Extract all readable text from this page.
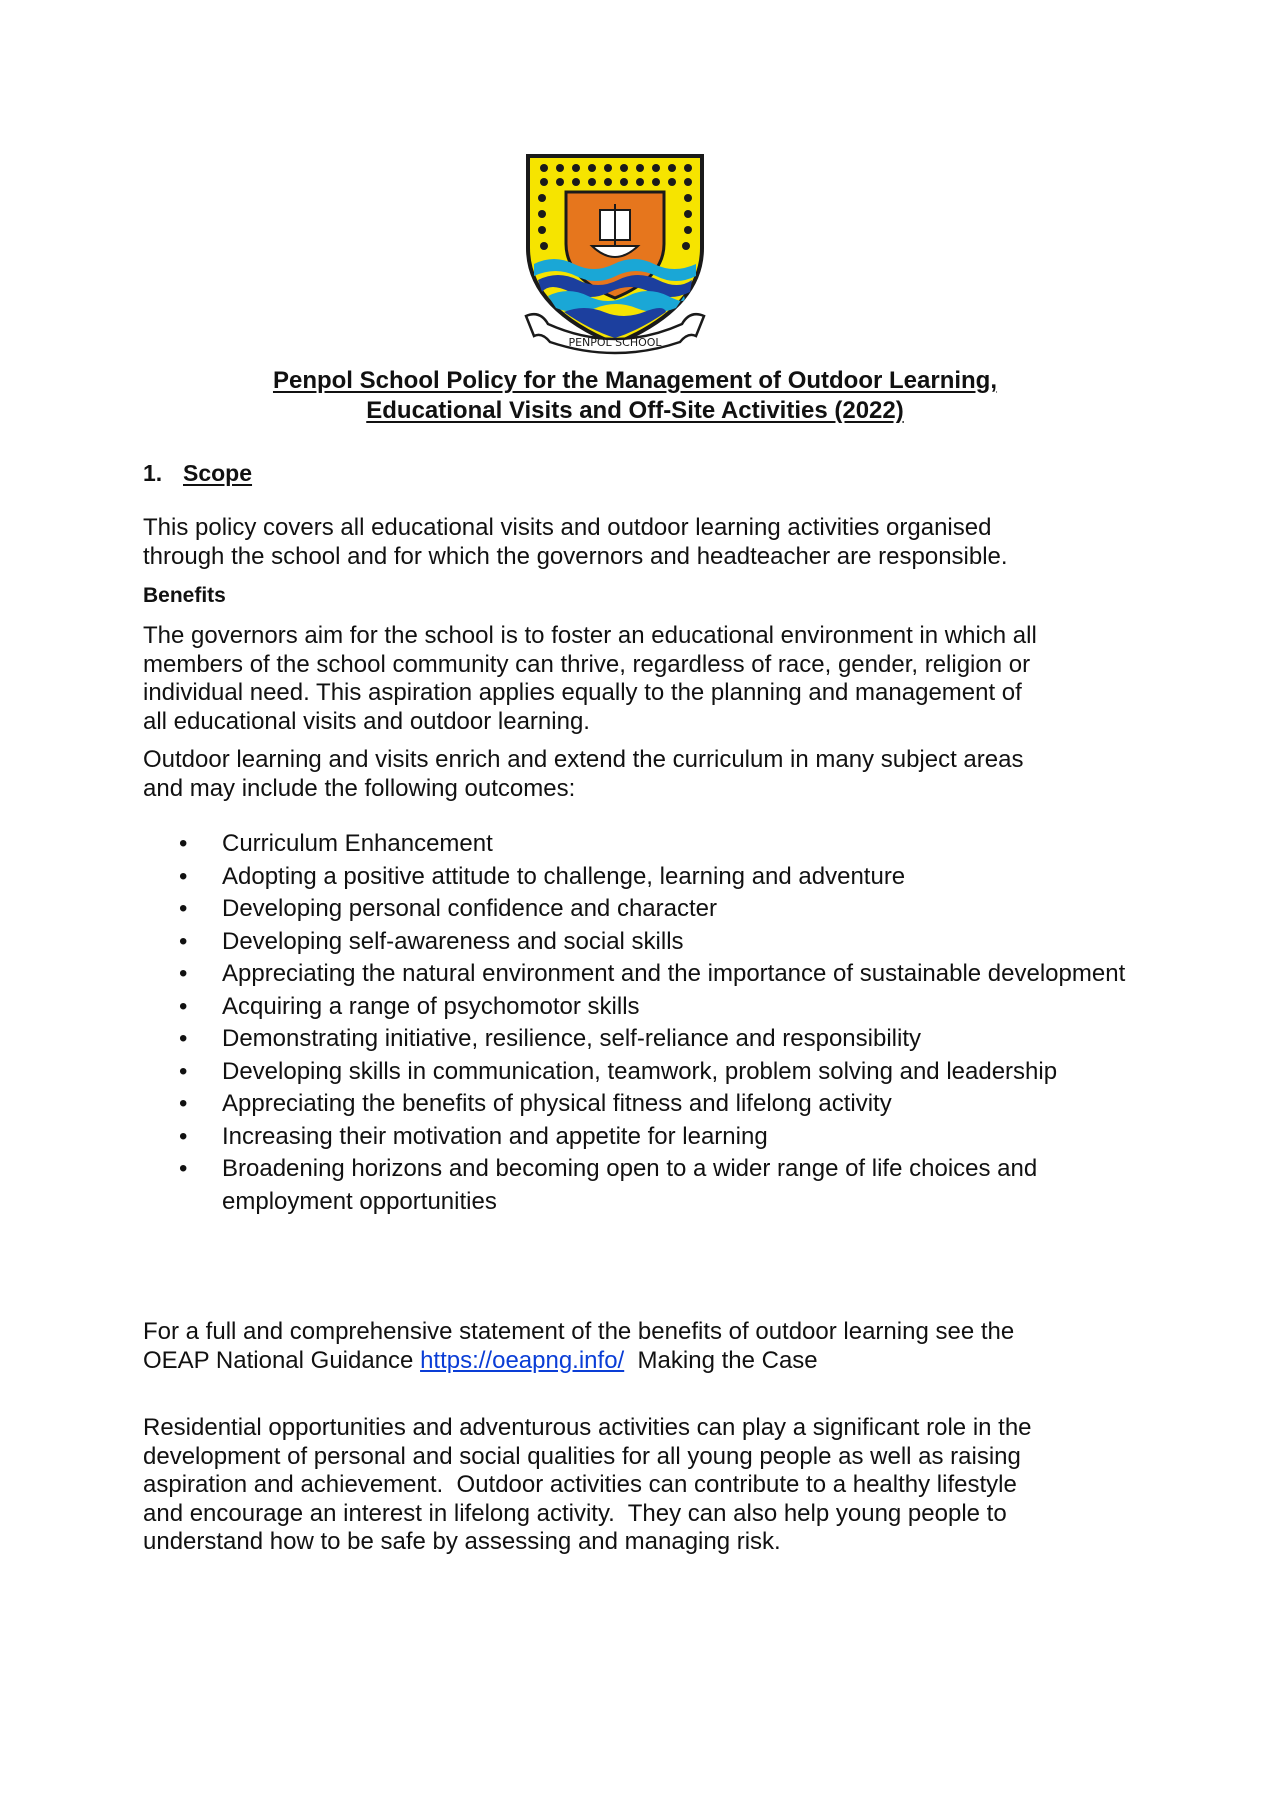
PENPOL SCHOOL
Penpol School Policy for the Management of Outdoor Learning,
Educational Visits and Off-Site Activities (2022)
1. Scope
This policy covers all educational visits and outdoor learning activities organised
through the school and for which the governors and headteacher are responsible.
Benefits
The governors aim for the school is to foster an educational environment in which all
members of the school community can thrive, regardless of race, gender, religion or
individual need. This aspiration applies equally to the planning and management of
all educational visits and outdoor learning.
Outdoor learning and visits enrich and extend the curriculum in many subject areas
and may include the following outcomes:
• Curriculum Enhancement
• Adopting a positive attitude to challenge, learning and adventure
• Developing personal confidence and character
• Developing self-awareness and social skills
• Appreciating the natural environment and the importance of sustainable development
• Acquiring a range of psychomotor skills
• Demonstrating initiative, resilience, self-reliance and responsibility
• Developing skills in communication, teamwork, problem solving and leadership
• Appreciating the benefits of physical fitness and lifelong activity
• Increasing their motivation and appetite for learning
• Broadening horizons and becoming open to a wider range of life choices and employment opportunities
For a full and comprehensive statement of the benefits of outdoor learning see the
OEAP National Guidance https://oeapng.info/  Making the Case
Residential opportunities and adventurous activities can play a significant role in the
development of personal and social qualities for all young people as well as raising
aspiration and achievement.  Outdoor activities can contribute to a healthy lifestyle
and encourage an interest in lifelong activity.  They can also help young people to
understand how to be safe by assessing and managing risk.
